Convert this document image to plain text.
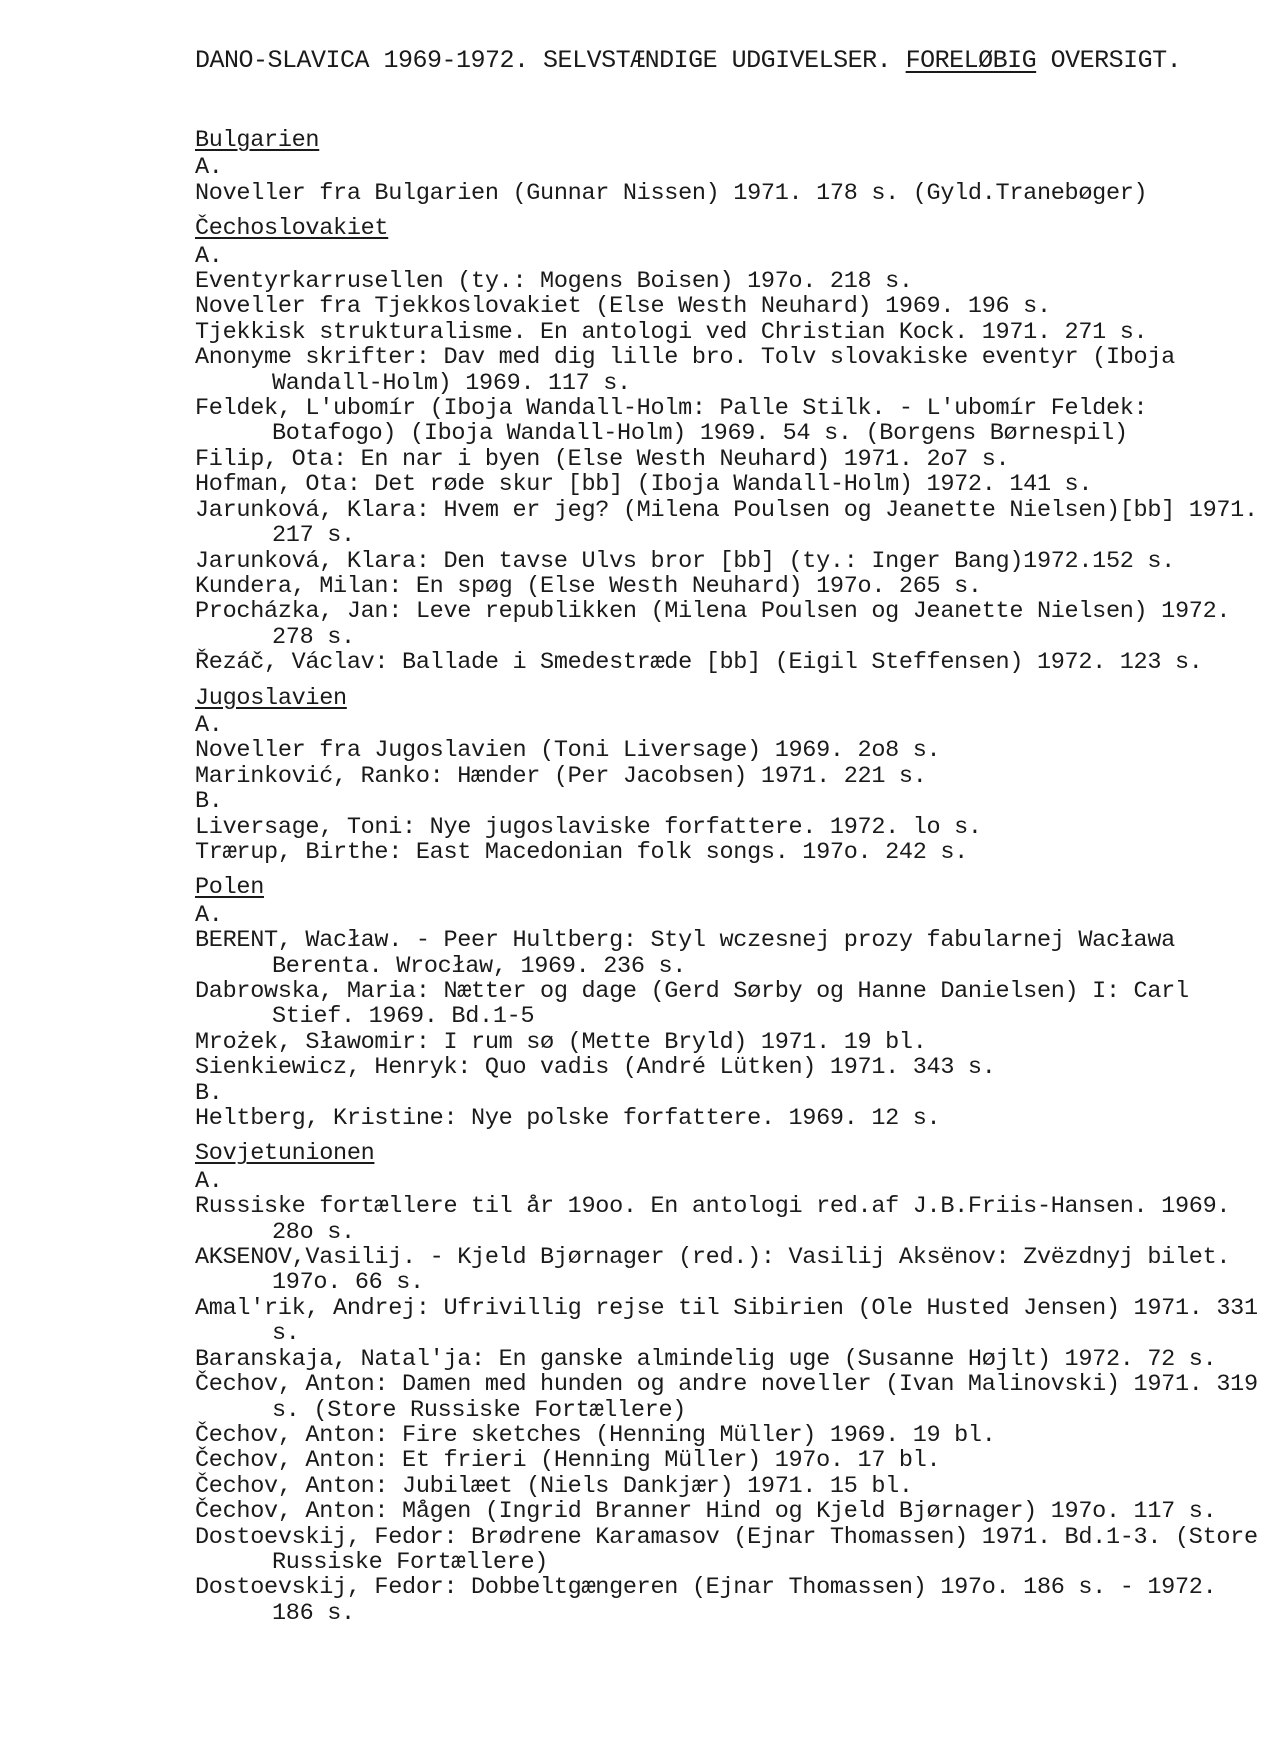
DANO-SLAVICA 1969-1972. SELVSTÆNDIGE UDGIVELSER. FORELØBIG OVERSIGT.
Bulgarien
A.

Noveller fra Bulgarien (Gunnar Nissen) 1971. 178 s. (Gyld.Tranebøger)

Čechoslovakiet
A.

Eventyrkarrusellen (ty.: Mogens Boisen) 197o. 218 s.

Noveller fra Tjekkoslovakiet (Else Westh Neuhard) 1969. 196 s.

Tjekkisk strukturalisme. En antologi ved Christian Kock. 1971. 271 s.

Anonyme skrifter: Dav med dig lille bro. Tolv slovakiske eventyr (Iboja Wandall-Holm) 1969. 117 s.

Feldek, L'ubomír (Iboja Wandall-Holm: Palle Stilk. - L'ubomír Feldek: Botafogo) (Iboja Wandall-Holm) 1969. 54 s. (Borgens Børnespil)

Filip, Ota: En nar i byen (Else Westh Neuhard) 1971. 2o7 s.

Hofman, Ota: Det røde skur [bb] (Iboja Wandall-Holm) 1972. 141 s.

Jarunková, Klara: Hvem er jeg? (Milena Poulsen og Jeanette Nielsen)[bb] 1971. 217 s.

Jarunková, Klara: Den tavse Ulvs bror [bb] (ty.: Inger Bang)1972.152 s.

Kundera, Milan: En spøg (Else Westh Neuhard) 197o. 265 s.

Procházka, Jan: Leve republikken (Milena Poulsen og Jeanette Nielsen) 1972. 278 s.

Řezáč, Václav: Ballade i Smedestræde [bb] (Eigil Steffensen) 1972. 123 s.

Jugoslavien
A.

Noveller fra Jugoslavien (Toni Liversage) 1969. 2o8 s.

Marinković, Ranko: Hænder (Per Jacobsen) 1971. 221 s.

B.

Liversage, Toni: Nye jugoslaviske forfattere. 1972. lo s.

Trærup, Birthe: East Macedonian folk songs. 197o. 242 s.

Polen
A.

BERENT, Wacław. - Peer Hultberg: Styl wczesnej prozy fabularnej Wacława Berenta. Wrocław, 1969. 236 s.

Dabrowska, Maria: Nætter og dage (Gerd Sørby og Hanne Danielsen) I: Carl Stief. 1969. Bd.1-5

Mrożek, Sławomir: I rum sø (Mette Bryld) 1971. 19 bl.

Sienkiewicz, Henryk: Quo vadis (André Lütken) 1971. 343 s.

B.

Heltberg, Kristine: Nye polske forfattere. 1969. 12 s.

Sovjetunionen
A.

Russiske fortællere til år 19oo. En antologi red.af J.B.Friis-Hansen. 1969. 28o s.

AKSENOV,Vasilij. - Kjeld Bjørnager (red.): Vasilij Aksënov: Zvëzdnyj bilet. 197o. 66 s.

Amal'rik, Andrej: Ufrivillig rejse til Sibirien (Ole Husted Jensen) 1971. 331 s.

Baranskaja, Natal'ja: En ganske almindelig uge (Susanne Højlt) 1972. 72 s.

Čechov, Anton: Damen med hunden og andre noveller (Ivan Malinovski) 1971. 319 s. (Store Russiske Fortællere)

Čechov, Anton: Fire sketches (Henning Müller) 1969. 19 bl.

Čechov, Anton: Et frieri (Henning Müller) 197o. 17 bl.

Čechov, Anton: Jubilæet (Niels Dankjær) 1971. 15 bl.

Čechov, Anton: Mågen (Ingrid Branner Hind og Kjeld Bjørnager) 197o. 117 s.

Dostoevskij, Fedor: Brødrene Karamasov (Ejnar Thomassen) 1971. Bd.1-3. (Store Russiske Fortællere)

Dostoevskij, Fedor: Dobbeltgængeren (Ejnar Thomassen) 197o. 186 s. - 1972. 186 s.
